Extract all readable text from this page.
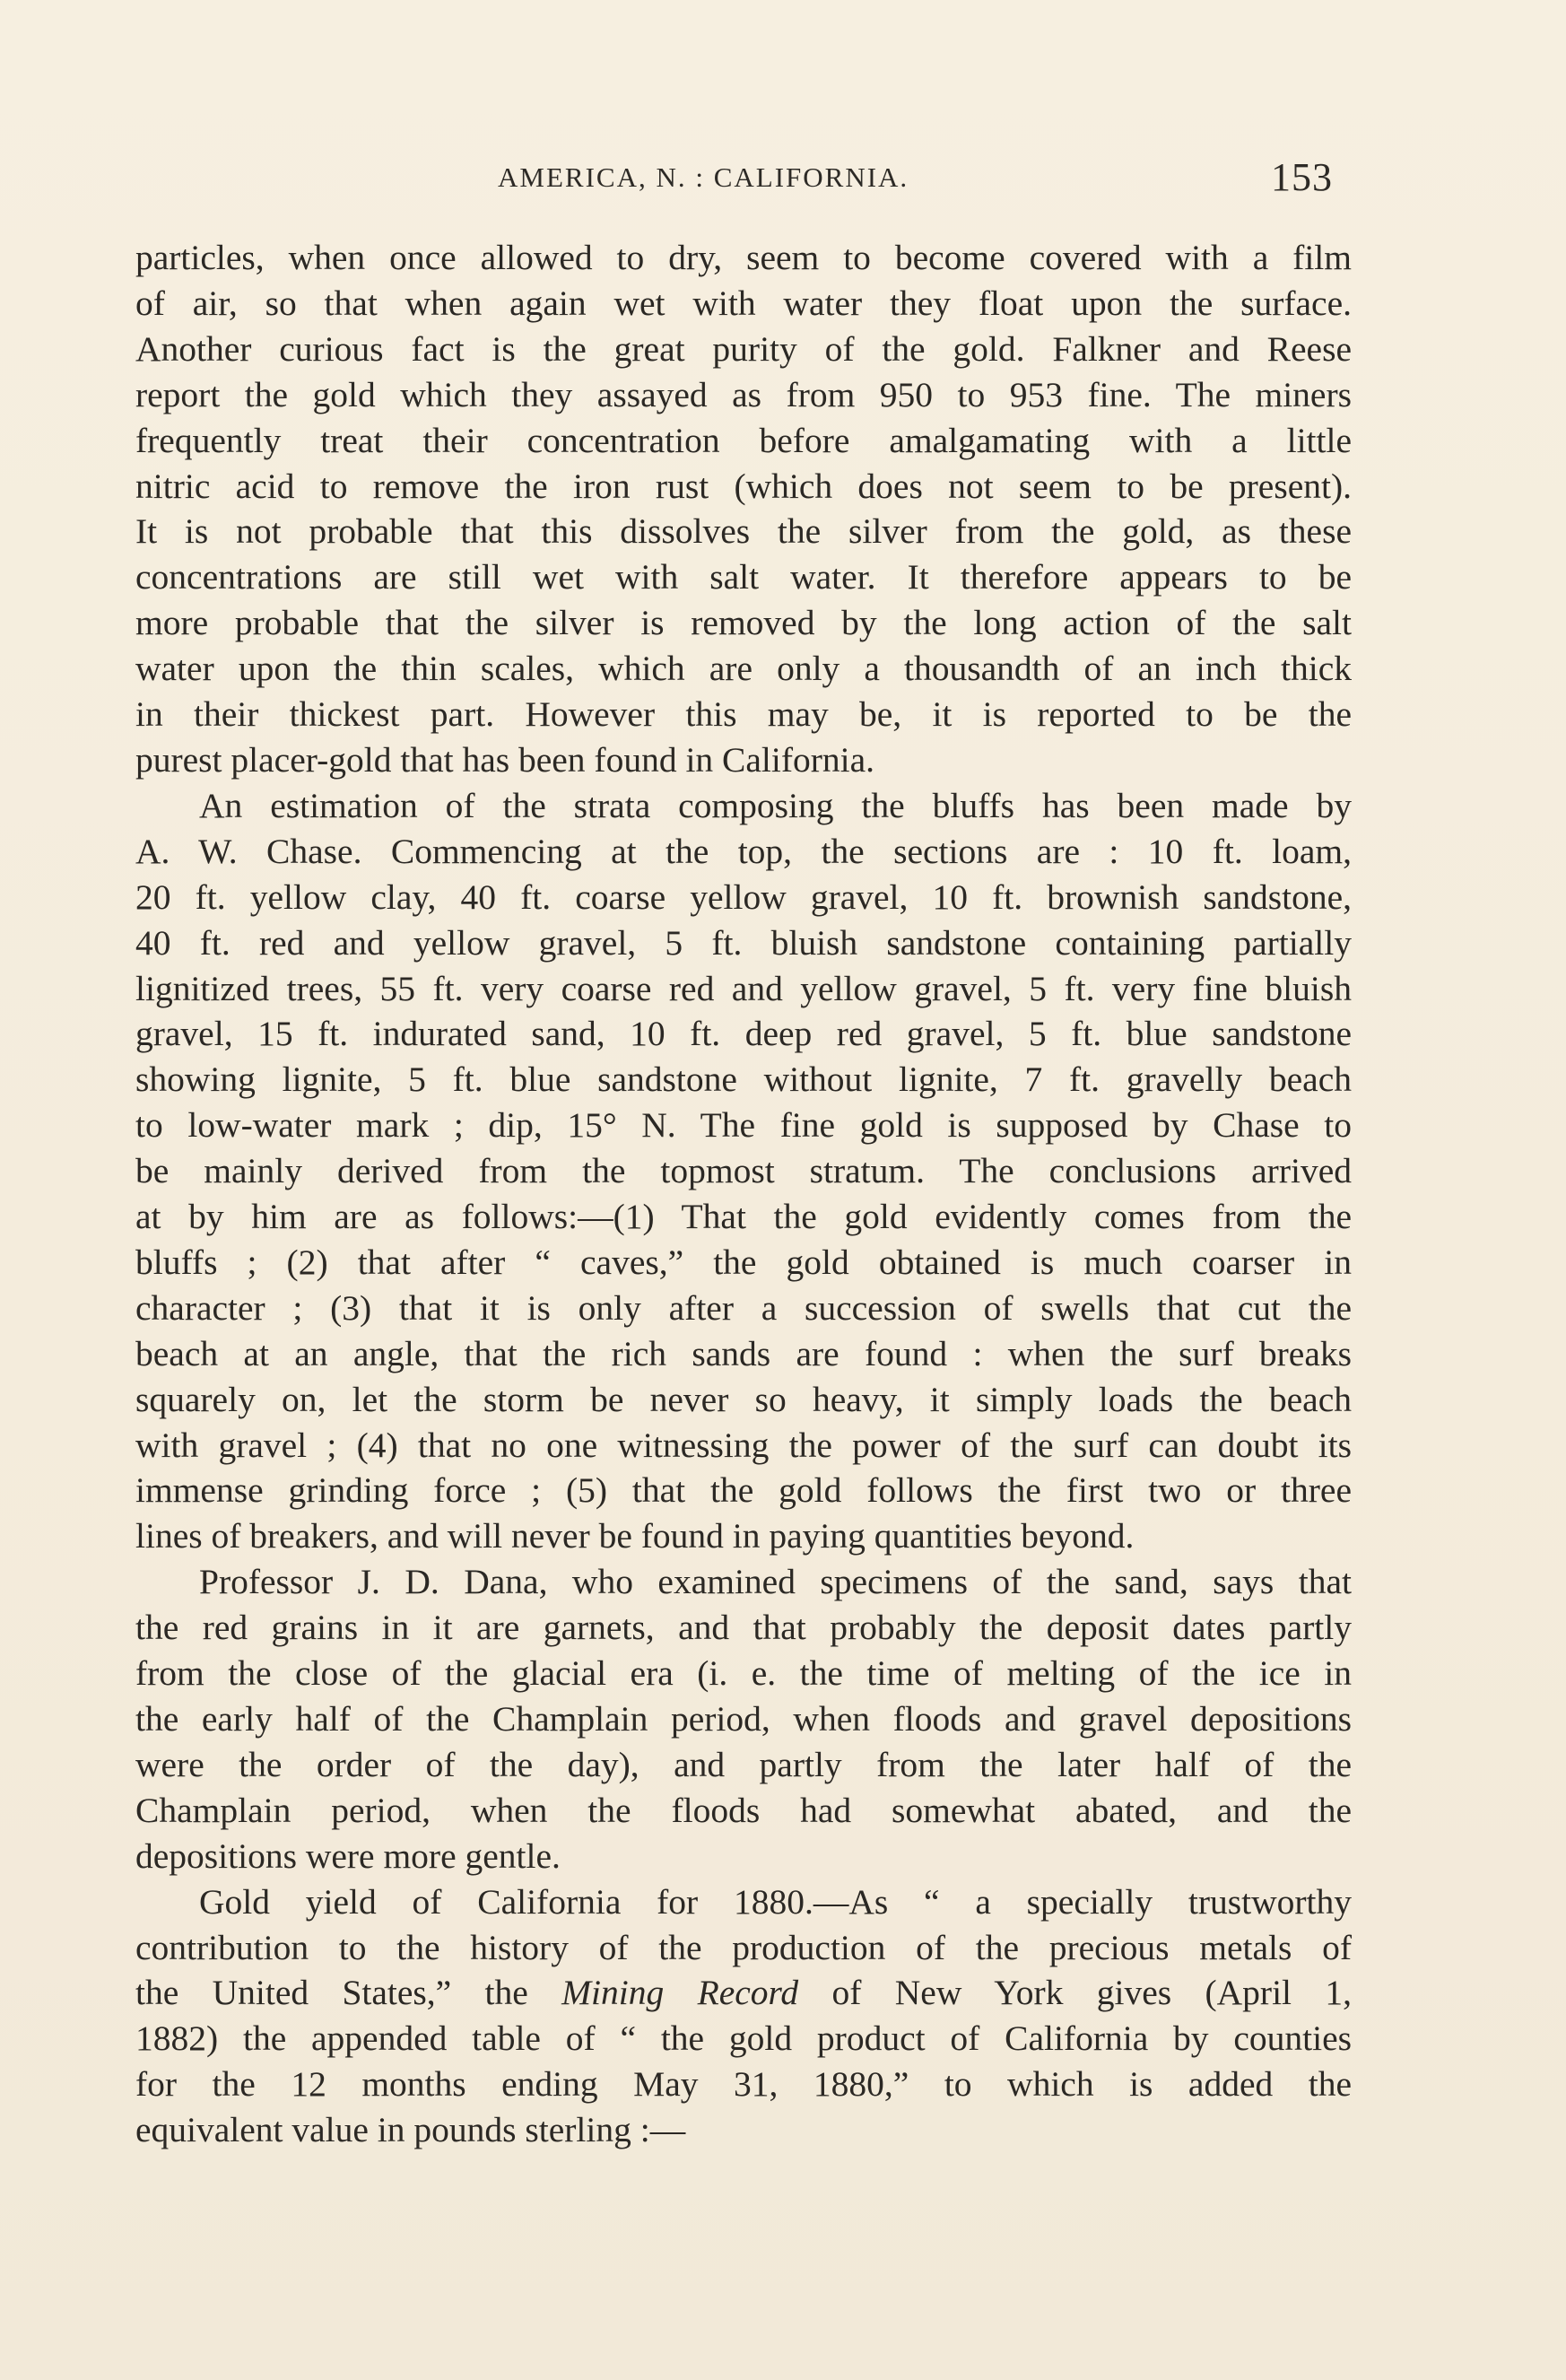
AMERICA, N. : CALIFORNIA.	153
particles, when once allowed to dry, seem to become covered with a film
of air, so that when again wet with water they float upon the surface.
Another curious fact is the great purity of the gold. Falkner and Reese
report the gold which they assayed as from 950 to 953 fine. The miners
frequently treat their concentration before amalgamating with a little
nitric acid to remove the iron rust (which does not seem to be present).
It is not probable that this dissolves the silver from the gold, as these
concentrations are still wet with salt water. It therefore appears to be
more probable that the silver is removed by the long action of the salt
water upon the thin scales, which are only a thousandth of an inch thick
in their thickest part. However this may be, it is reported to be the
purest placer-gold that has been found in California.
An estimation of the strata composing the bluffs has been made by
A. W. Chase. Commencing at the top, the sections are : 10 ft. loam,
20 ft. yellow clay, 40 ft. coarse yellow gravel, 10 ft. brownish sandstone,
40 ft. red and yellow gravel, 5 ft. bluish sandstone containing partially
lignitized trees, 55 ft. very coarse red and yellow gravel, 5 ft. very fine bluish
gravel, 15 ft. indurated sand, 10 ft. deep red gravel, 5 ft. blue sandstone
showing lignite, 5 ft. blue sandstone without lignite, 7 ft. gravelly beach
to low-water mark ; dip, 15° N. The fine gold is supposed by Chase to
be mainly derived from the topmost stratum. The conclusions arrived
at by him are as follows:—(1) That the gold evidently comes from the
bluffs ; (2) that after “ caves,” the gold obtained is much coarser in
character ; (3) that it is only after a succession of swells that cut the
beach at an angle, that the rich sands are found : when the surf breaks
squarely on, let the storm be never so heavy, it simply loads the beach
with gravel ; (4) that no one witnessing the power of the surf can doubt its
immense grinding force ; (5) that the gold follows the first two or three
lines of breakers, and will never be found in paying quantities beyond.
Professor J. D. Dana, who examined specimens of the sand, says that
the red grains in it are garnets, and that probably the deposit dates partly
from the close of the glacial era (i. e. the time of melting of the ice in
the early half of the Champlain period, when floods and gravel depositions
were the order of the day), and partly from the later half of the
Champlain period, when the floods had somewhat abated, and the
depositions were more gentle.
Gold yield of California for 1880.—As “ a specially trustworthy
contribution to the history of the production of the precious metals of
the United States,” the Mining Record of New York gives (April 1,
1882) the appended table of “ the gold product of California by counties
for the 12 months ending May 31, 1880,” to which is added the
equivalent value in pounds sterling :—
